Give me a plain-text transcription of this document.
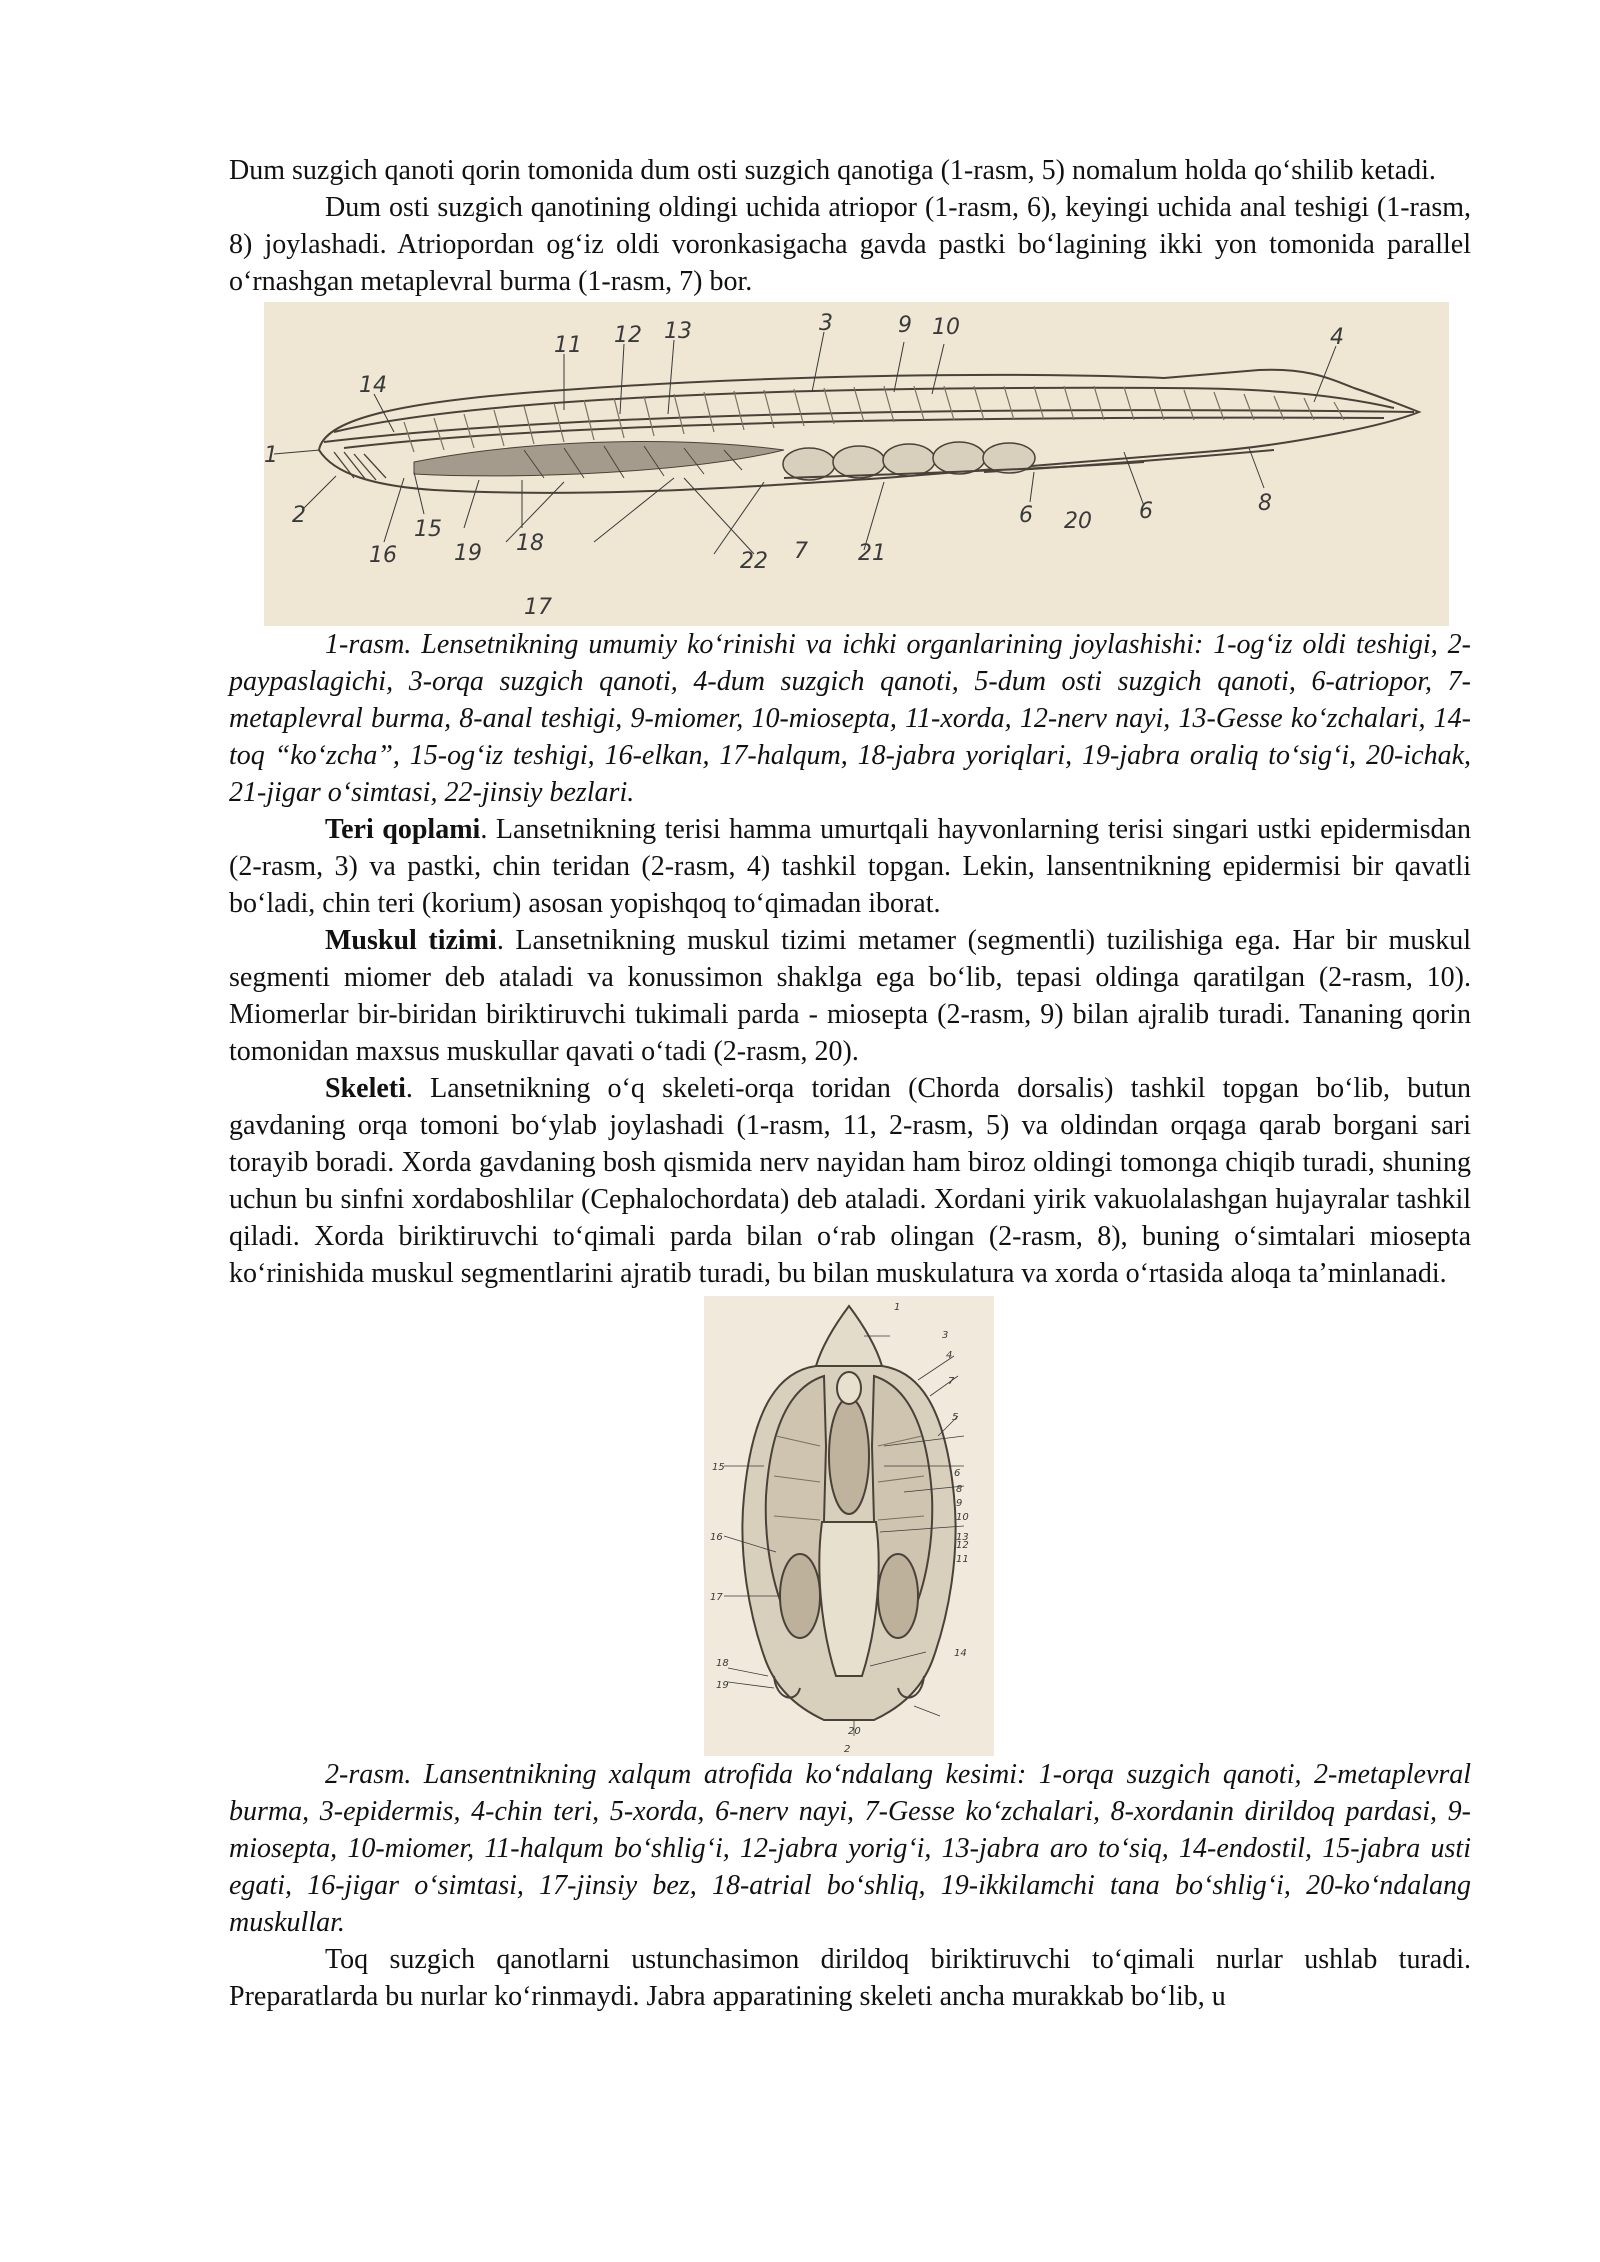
Dum suzgich qanoti qorin tomonida dum osti suzgich qanotiga (1-rasm, 5) nomalum holda qo‘shilib ketadi.

Dum osti suzgich qanotining oldingi uchida atriopor (1-rasm, 6), keyingi uchida anal teshigi (1-rasm, 8) joylashadi. Atriopordan og‘iz oldi voronkasigacha gavda pastki bo‘lagining ikki yon tomonida parallel o‘rnashgan metaplevral burma (1-rasm, 7) bor.

1
2
3
4
6	6
7
8
9 10
11 12 13
14
15
16
17
18
19
20
21
22

1-rasm. Lensetnikning umumiy ko‘rinishi va ichki organlarining joylashishi: 1-og‘iz oldi teshigi, 2-paypaslagichi, 3-orqa suzgich qanoti, 4-dum suzgich qanoti, 5-dum osti suzgich qanoti, 6-atriopor, 7-metaplevral burma, 8-anal teshigi, 9-miomer, 10-miosepta, 11-xorda, 12-nerv nayi, 13-Gesse ko‘zchalari, 14- toq “ko‘zcha”, 15-og‘iz teshigi, 16-elkan, 17-halqum, 18-jabra yoriqlari, 19-jabra oraliq to‘sig‘i, 20-ichak, 21-jigar o‘simtasi, 22-jinsiy bezlari.

Teri qoplami. Lansetnikning terisi hamma umurtqali hayvonlarning terisi singari ustki epidermisdan (2-rasm, 3) va pastki, chin teridan (2-rasm, 4) tashkil topgan. Lekin, lansentnikning epidermisi bir qavatli bo‘ladi, chin teri (korium) asosan yopishqoq to‘qimadan iborat.

Muskul tizimi. Lansetnikning muskul tizimi metamer (segmentli) tuzilishiga ega. Har bir muskul segmenti miomer deb ataladi va konussimon shaklga ega bo‘lib, tepasi oldinga qaratilgan (2-rasm, 10). Miomerlar bir-biridan biriktiruvchi tukimali parda - miosepta (2-rasm, 9) bilan ajralib turadi. Tananing qorin tomonidan maxsus muskullar qavati o‘tadi (2-rasm, 20).

Skeleti. Lansetnikning o‘q skeleti-orqa toridan (Chorda dorsalis) tashkil topgan bo‘lib, butun gavdaning orqa tomoni bo‘ylab joylashadi (1-rasm, 11, 2-rasm, 5) va oldindan orqaga qarab borgani sari torayib boradi. Xorda gavdaning bosh qismida nerv nayidan ham biroz oldingi tomonga chiqib turadi, shuning uchun bu sinfni xordaboshlilar (Cephalochordata) deb ataladi. Xordani yirik vakuolalashgan hujayralar tashkil qiladi. Xorda biriktiruvchi to‘qimali parda bilan o‘rab olingan (2-rasm, 8), buning o‘simtalari miosepta ko‘rinishida muskul segmentlarini ajratib turadi, bu bilan muskulatura va xorda o‘rtasida aloqa ta’minlanadi.

1
2
3
4
5
6
7
8
9
10
11
12
13
14
15
16
17
18
19
20

2-rasm. Lansentnikning xalqum atrofida ko‘ndalang kesimi: 1-orqa suzgich qanoti, 2-metaplevral burma, 3-epidermis, 4-chin teri, 5-xorda, 6-nerv nayi, 7-Gesse ko‘zchalari, 8-xordanin dirildoq pardasi, 9-miosepta, 10-miomer, 11-halqum bo‘shlig‘i, 12-jabra yorig‘i, 13-jabra aro to‘siq, 14-endostil, 15-jabra usti egati, 16-jigar o‘simtasi, 17-jinsiy bez, 18-atrial bo‘shliq, 19-ikkilamchi tana bo‘shlig‘i, 20-ko‘ndalang muskullar.

Toq suzgich qanotlarni ustunchasimon dirildoq biriktiruvchi to‘qimali nurlar ushlab turadi. Preparatlarda bu nurlar ko‘rinmaydi. Jabra apparatining skeleti ancha murakkab bo‘lib, u
